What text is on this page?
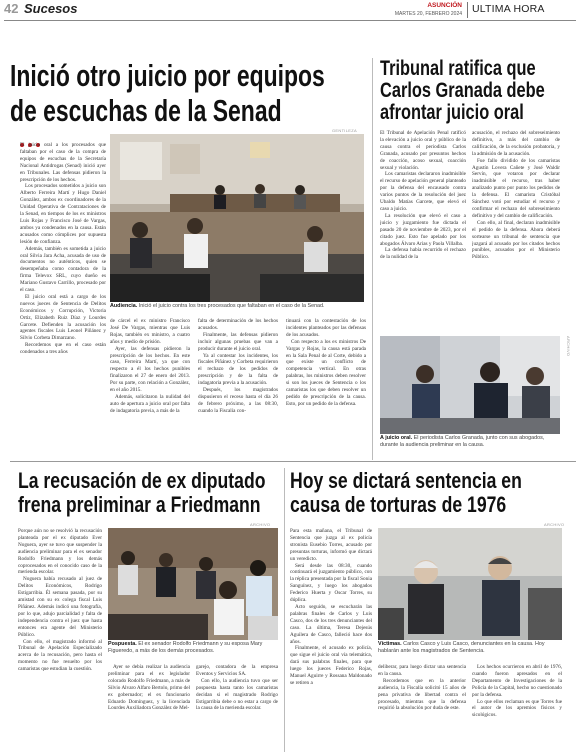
42 Sucesos	ASUNCIÓN
MARTES 20, FEBRERO 2024 ULTIMA HORA
Inició otro juicio por equipos
de escuchas de la Senad

GENTILEZA

El juicio oral a los procesados que faltaban por el caso de la compra de equipos de escuchas de la Secretaría Nacional Antidrogas (Senad) inició ayer en Tribunales. Las defensas pidieron la prescripción de los hechos.

Los procesados sometidos a juicio son Alberto Ferreira Martí y Hugo Daniel González, ambos ex coordinadores de la Unidad Operativa de Contrataciones de la Senad, en tiempos de los ex ministros Luis Rojas y Francisco José de Vargas, ambos ya condenados en la causa. Están acusados como cómplices por supuesta lesión de confianza.

Además, también es sometida a juicio oral Silvia Jara Acha, acusada de uso de documentos no auténticos, quien se desempeñaba como contadora de la firma Televox SRL, cuyo dueño es Mariano Gustavo Carrillo, procesado por el caso.

El juicio oral está a cargo de los nuevos jueces de Sentencia de Delitos Económicos y Corrupción, Victoria Ortiz, Elizabeth Ruiz Díaz y Lourdes Garcete. Defienden la acusación los agentes fiscales Luis Leonel Piñánez y Silvio Corbeta Dimarzano.

Recordemos que en el caso están condenados a tres años

Audiencia. Inició el juicio contra los tres procesados que faltaban en el caso de la Senad.

de cárcel el ex ministro Francisco José De Vargas, mientras que Luis Rojas, también ex ministro, a cuatro años y medio de prisión.

Ayer, las defensas pidieron la prescripción de los hechos. En este caso, Ferreira Martí, ya que con respecto a él los hechos punibles finalizaron el 27 de enero del 2013. Por su parte, con relación a González, en el año 2015.

Además, solicitaron la nulidad del auto de apertura a juicio oral por falta de indagatoria previa, a más de la

falta de determinación de los hechos acusados.

Finalmente, las defensas pidieron incluir algunas pruebas que van a producir durante el juicio oral.

Ya al contestar los incidentes, los fiscales Piñánez y Corbeta requirieron el rechazo de los pedidos de prescripción y de la falta de indagatoria previa a la acusación.

Después, los magistrados dispusieron el receso hasta el día 26 de febrero próximo, a las 08:30, cuando la Fiscalía con-

tinuará con la contestación de los incidentes planteados por las defensas de los acusados.

Con respecto a los ex ministros De Vargas y Rojas, la causa está parada en la Sala Penal de al Corte, debido a que existe un conflicto de competencia vertical. En otras palabras, los ministros deben resolver si son los jueces de Sentencia o los camaristas los que deben resolver un pedido de prescripción de la causa. Esto, por un pedido de la defensa.

Tribunal ratifica que
Carlos Granada debe
afrontar juicio oral

El Tribunal de Apelación Penal ratificó la elevación a juicio oral y público de la causa contra el periodista Carlos Granada, acusado por presuntos hechos de coacción, acoso sexual, coacción sexual y violación.

Los camaristas declararon inadmisible el recurso de apelación general planteado por la defensa del encausado contra varios puntos de la resolución del juez Ubaldo Matías Garcete, que elevó el caso a juicio.

La resolución que elevó el caso a juicio y juzgamiento fue dictada el pasado 20 de noviembre de 2023, por el citado juez. Esto fue apelado por los abogados Álvaro Arias y Paola Villalba.

La defensa había recurrido el rechazo de la nulidad de la

acusación, el rechazo del sobreseimiento definitivo, a más del cambio de calificación, de la exclusión probatoria, y la admisión de la acusación.

Fue fallo dividido de los camaristas Agustín Lovera Cañete y José Waldir Servín, que votaron por declarar inadmisible el recurso, tras haber analizado punto por punto los pedidos de la defensa. El camarista Cristóbal Sánchez votó por estudiar el recurso y confirmar el rechazo del sobreseimiento definitivo y del cambio de calificación.

Con ello, al final, declaran inadmisible el pedido de la defensa. Ahora deberá sortearse un tribunal de sentencia que juzgará al acusado por los citados hechos punibles, acusados por el Ministerio Público.

ARCHIVO
A juicio oral. El periodista Carlos Granada, junto con sus abogados, durante la audiencia preliminar en la causa.
La recusación de ex diputado
frena preliminar a Friedmann
ARCHIVO

Porque aún no se resolvió la recusación planteada por el ex diputado Ever Noguera, ayer se tuvo que suspender la audiencia preliminar para el ex senador Rodolfo Friedmann y los demás coprocesados en el conocido caso de la merienda escolar.

Noguera había recusado al juez de Delitos Económicos, Rodrigo Estigarribia. Él semana pasada, por su amistad con su ex colega fiscal Luis Piñánez. Además indicó una fotografía, por lo que, adujo parcialidad y falta de independencia contra el juez que hasta entonces era agente del Ministerio Público.

Con ello, el magistrado informó al Tribunal de Apelación Especializado acerca de la recusación, pero hasta el momento no fue resuelto por los camaristas que estudian la cuestión.

Pospuesta. El ex senador Rodolfo Friedmann y su esposa Mary Figueredo, a más de los demás procesados.

Ayer se debía realizar la audiencia preliminar para el ex legislador colorado Rodolfo Friedmann, a más de Silvio Alvaro Alfaro Bertolo, primo del ex gobernador; el ex funcionario Eduardo Domínguez, y la licenciada Lourdes Auxiliadora González de Mel-

garejo, contadora de la empresa Eventos y Servicios SA.

Con ello, la audiencia tuvo que ser pospuesta hasta tanto los camaristas decidan si el magistrado Rodrigo Estigarribia debe o no estar a cargo de la causa de la merienda escolar.

Hoy se dictará sentencia en
causa de torturas de 1976
ARCHIVO

Para esta mañana, el Tribunal de Sentencia que juzga al ex policía stronista Eusebio Torres, acusado por presuntas torturas, informó que dictará un veredicto.

Será desde las 08:30, cuando continuará el juzgamiento público, con la réplica presentada por la fiscal Sonia Sanguínez, y luego los abogados Federico Huerta y Oscar Torres, su dúplica.

Acto seguido, se escucharán las palabras finales de Carlos y Luis Casco, dos de los tres denunciantes del caso. La última, Teresa Dejesús Aguilera de Casco, falleció hace dos años.

Finalmente, el acusado ex policía, que sigue el juicio oral vía telemática, dará sus palabras finales, para que luego los jueces Federico Rojas, Manuel Aguirre y Rossana Maldonado se retiren a

Víctimas. Carlos Casco y Luis Casco, denunciantes en la causa. Hoy hablarán ante los magistrados de Sentencia.

deliberar, para luego dictar una sentencia en la causa.

Recordemos que en la anterior audiencia, la Fiscalía solicitó 15 años de pena privativa de libertad contra el procesado, mientras que la defensa requirió la absolución por duda de este.

Los hechos ocurrieron en abril de 1976, cuando fueron apresados en el Departamento de Investigaciones de la Policía de la Capital, hecho no cuestionado por la defensa.

Lo que ellos reclaman es que Torres fue el autor de los apremios físicos y sicológicos.
